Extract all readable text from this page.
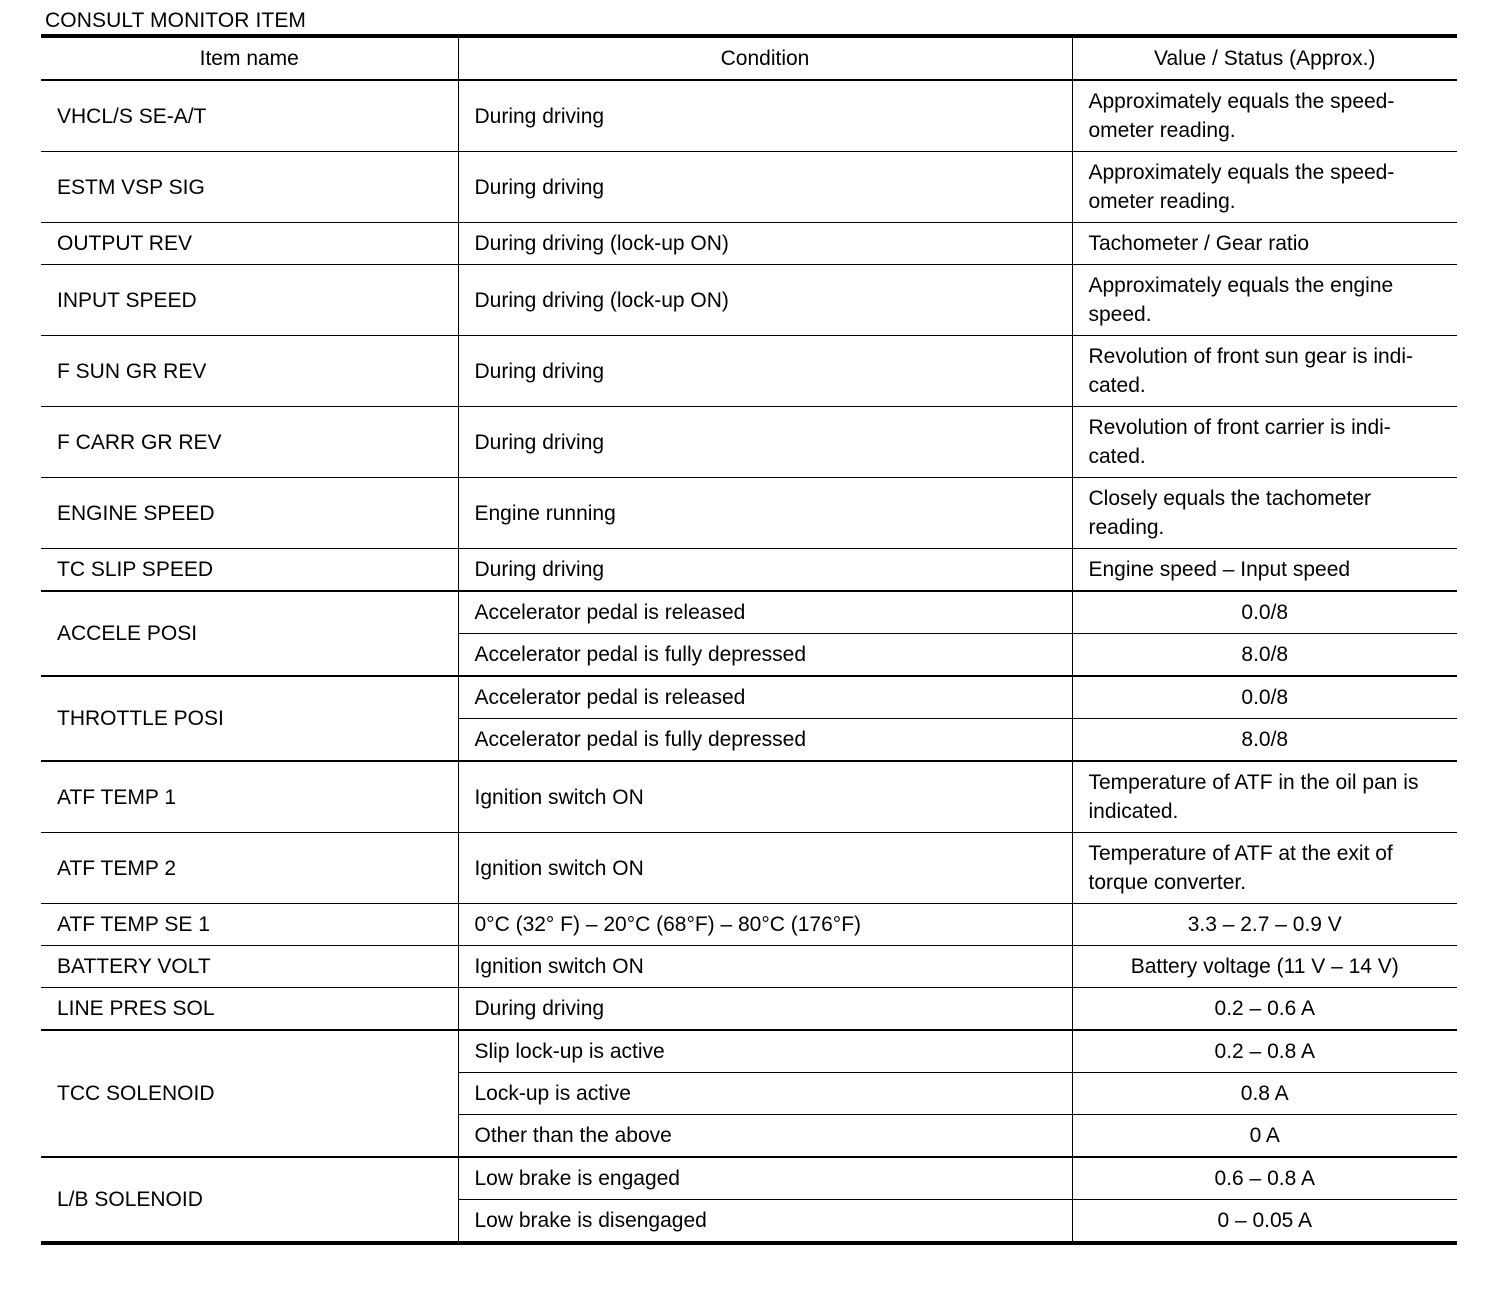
CONSULT MONITOR ITEM
Item name	Condition	Value / Status (Approx.)
VHCL/S SE-A/T	During driving	Approximately equals the speed-ometer reading.
ESTM VSP SIG	During driving	Approximately equals the speed-ometer reading.
OUTPUT REV	During driving (lock-up ON)	Tachometer / Gear ratio
INPUT SPEED	During driving (lock-up ON)	Approximately equals the engine speed.
F SUN GR REV	During driving	Revolution of front sun gear is indi-cated.
F CARR GR REV	During driving	Revolution of front carrier is indi-cated.
ENGINE SPEED	Engine running	Closely equals the tachometer reading.
TC SLIP SPEED	During driving	Engine speed – Input speed
ACCELE POSI	Accelerator pedal is released	0.0/8
	Accelerator pedal is fully depressed	8.0/8
THROTTLE POSI	Accelerator pedal is released	0.0/8
	Accelerator pedal is fully depressed	8.0/8
ATF TEMP 1	Ignition switch ON	Temperature of ATF in the oil pan is indicated.
ATF TEMP 2	Ignition switch ON	Temperature of ATF at the exit of torque converter.
ATF TEMP SE 1	0°C (32° F) – 20°C (68°F) – 80°C (176°F)	3.3 – 2.7 – 0.9 V
BATTERY VOLT	Ignition switch ON	Battery voltage (11 V – 14 V)
LINE PRES SOL	During driving	0.2 – 0.6 A
TCC SOLENOID	Slip lock-up is active	0.2 – 0.8 A
	Lock-up is active	0.8 A
	Other than the above	0 A
L/B SOLENOID	Low brake is engaged	0.6 – 0.8 A
	Low brake is disengaged	0 – 0.05 A
